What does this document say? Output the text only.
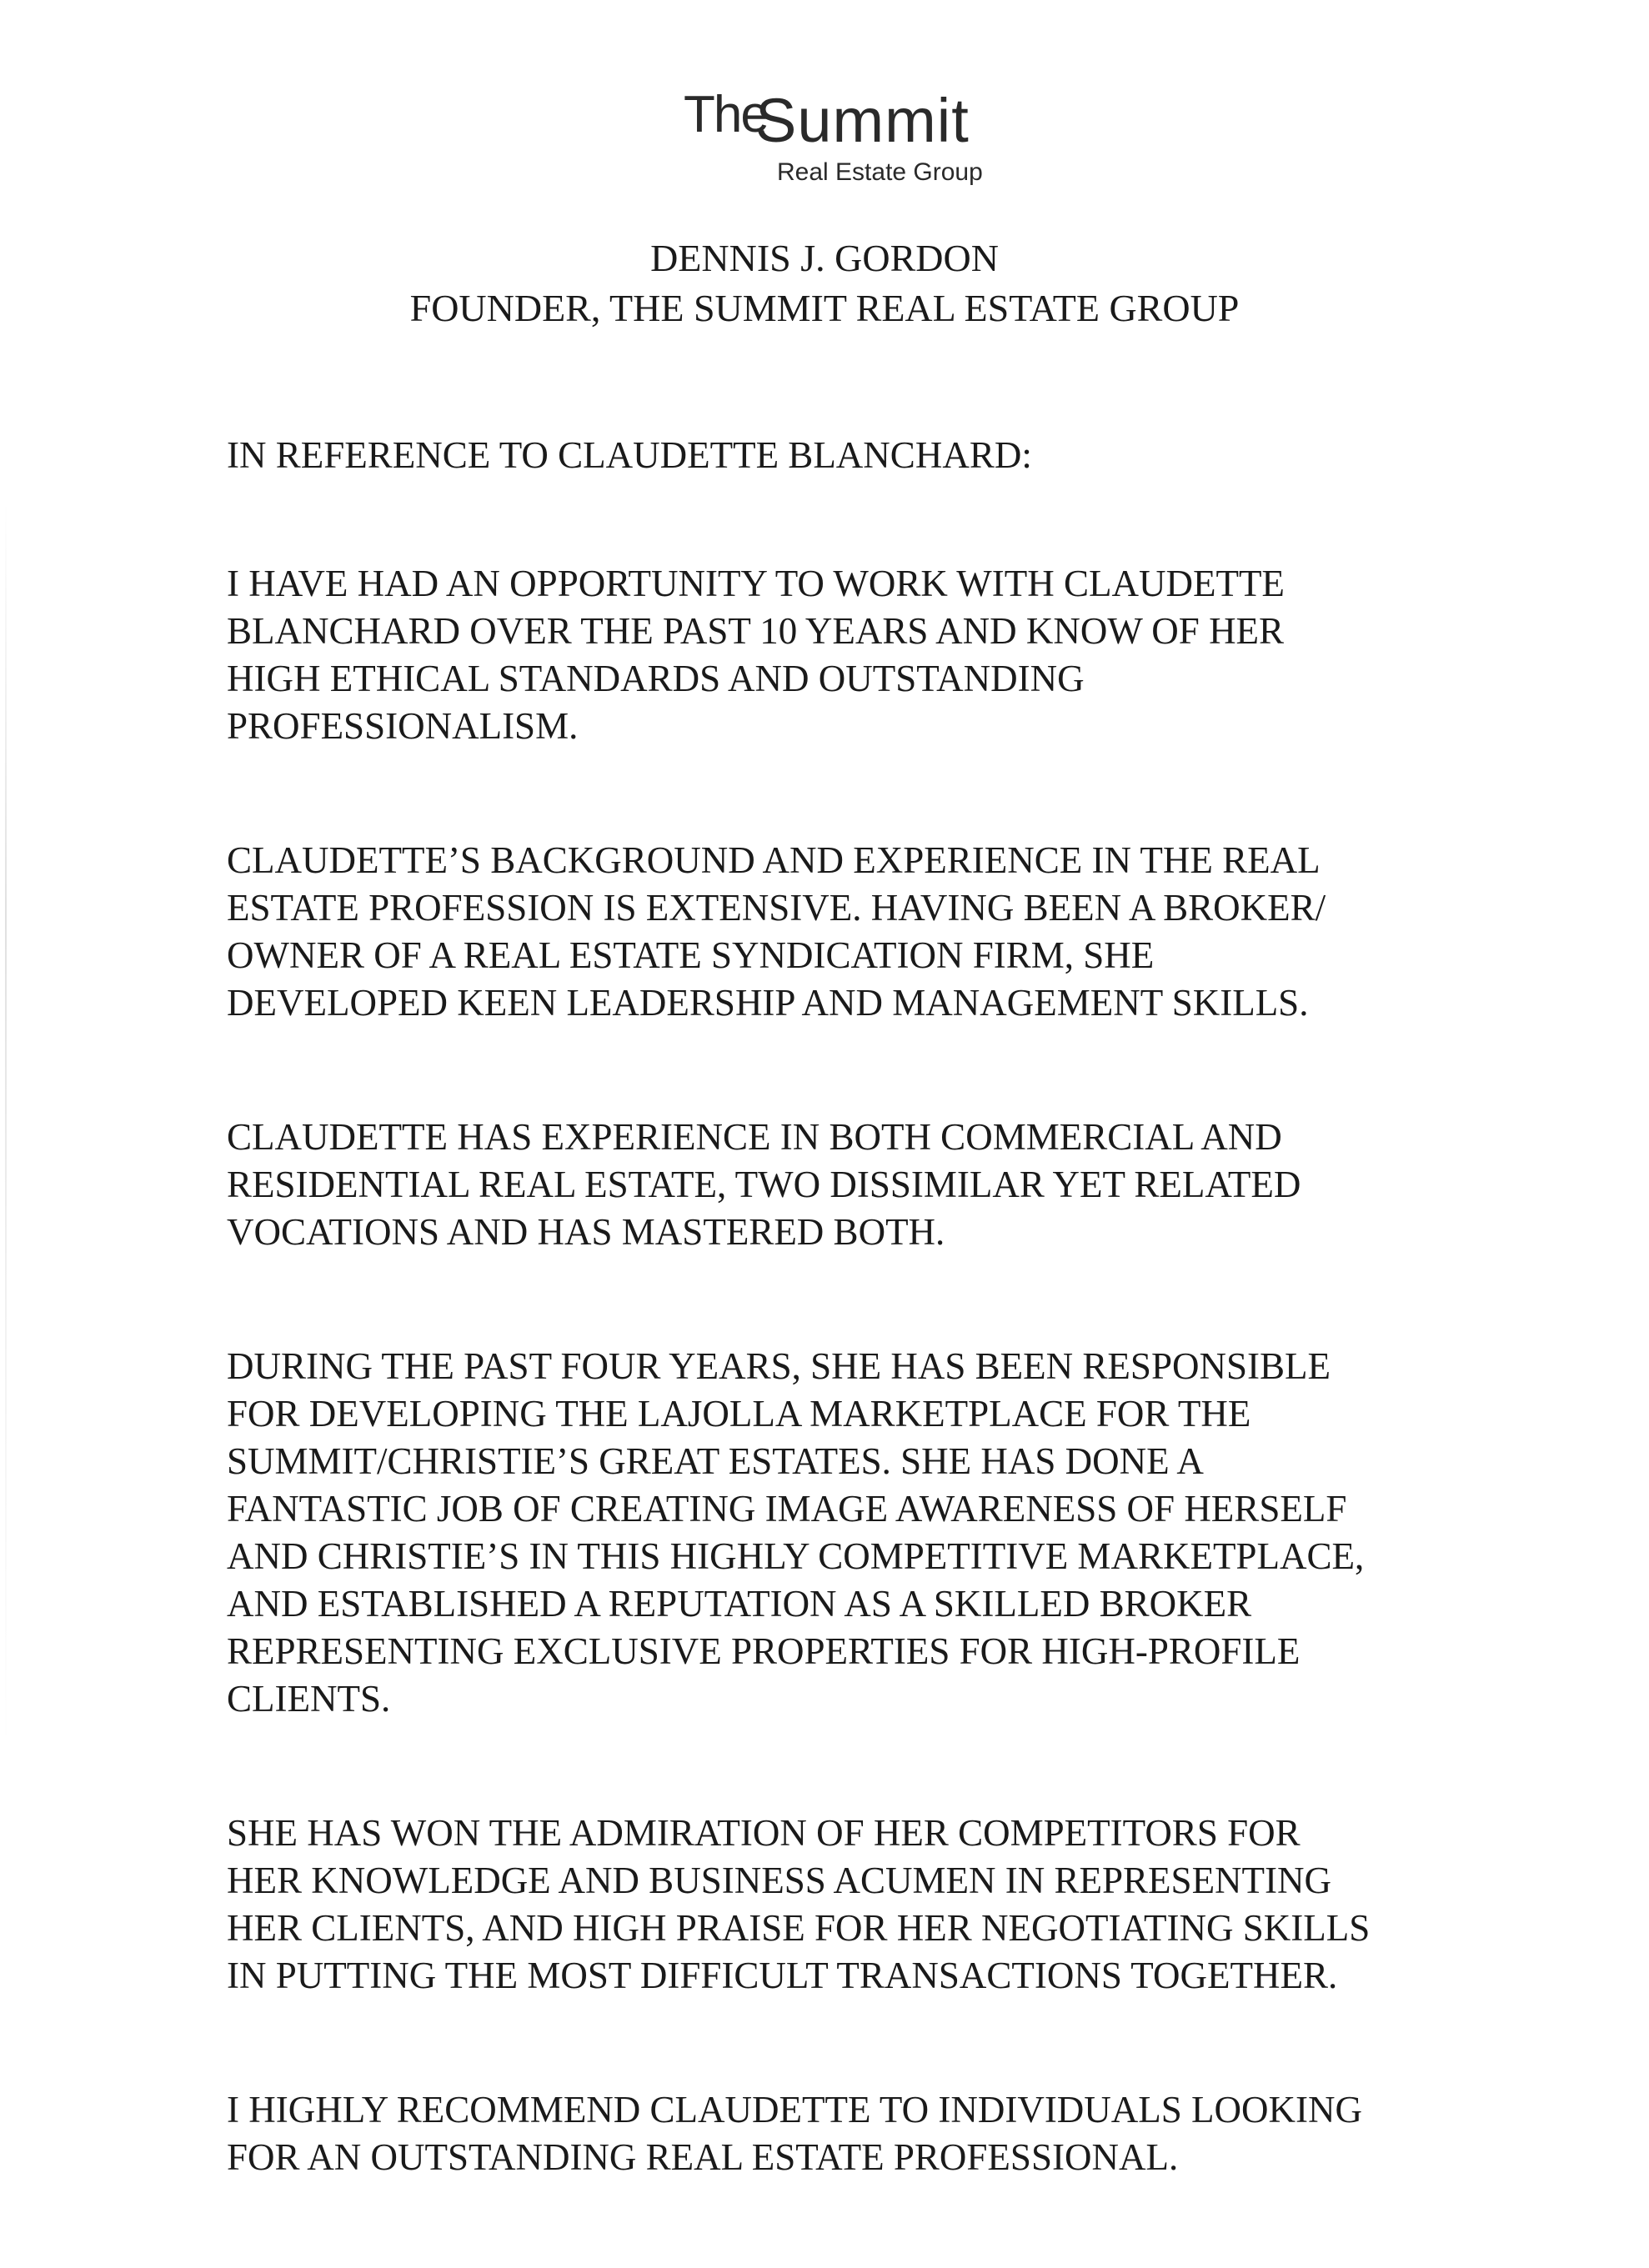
The
Summit
Real Estate Group
DENNIS J. GORDON
FOUNDER, THE SUMMIT REAL ESTATE GROUP
IN REFERENCE TO CLAUDETTE BLANCHARD:
I HAVE HAD AN OPPORTUNITY TO WORK WITH CLAUDETTE
BLANCHARD OVER THE PAST 10 YEARS AND KNOW OF HER
HIGH ETHICAL STANDARDS AND OUTSTANDING
PROFESSIONALISM.
CLAUDETTE’S BACKGROUND AND EXPERIENCE IN THE REAL
ESTATE PROFESSION IS EXTENSIVE. HAVING BEEN A BROKER/
OWNER OF A REAL ESTATE SYNDICATION FIRM, SHE
DEVELOPED KEEN LEADERSHIP AND MANAGEMENT SKILLS.
CLAUDETTE HAS EXPERIENCE IN BOTH COMMERCIAL AND
RESIDENTIAL REAL ESTATE, TWO DISSIMILAR YET RELATED
VOCATIONS AND HAS MASTERED BOTH.
DURING THE PAST FOUR YEARS, SHE HAS BEEN RESPONSIBLE
FOR DEVELOPING THE LAJOLLA MARKETPLACE FOR THE
SUMMIT/CHRISTIE’S GREAT ESTATES. SHE HAS DONE A
FANTASTIC JOB OF CREATING IMAGE AWARENESS OF HERSELF
AND CHRISTIE’S IN THIS HIGHLY COMPETITIVE MARKETPLACE,
AND ESTABLISHED A REPUTATION AS A SKILLED BROKER
REPRESENTING EXCLUSIVE PROPERTIES FOR HIGH-PROFILE
CLIENTS.
SHE HAS WON THE ADMIRATION OF HER COMPETITORS FOR
HER KNOWLEDGE AND BUSINESS ACUMEN IN REPRESENTING
HER CLIENTS, AND HIGH PRAISE FOR HER NEGOTIATING SKILLS
IN PUTTING THE MOST DIFFICULT TRANSACTIONS TOGETHER.
I HIGHLY RECOMMEND CLAUDETTE TO INDIVIDUALS LOOKING
FOR AN OUTSTANDING REAL ESTATE PROFESSIONAL.
